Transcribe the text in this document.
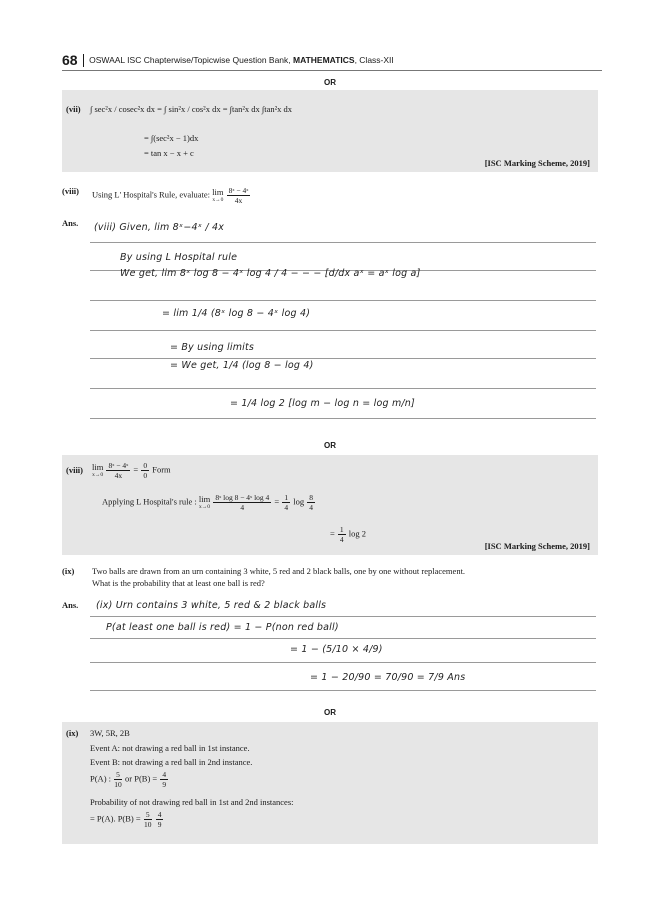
68 OSWAAL ISC Chapterwise/Topicwise Question Bank, MATHEMATICS, Class-XII
OR
(vii) ∫ sec²x / cosec²x dx = ∫ sin²x / cos²x dx = ∫tan²x dx ∫tan²x dx
= ∫(sec²x − 1)dx
= tan x − x + c
[ISC Marking Scheme, 2019]
(viii) Using L' Hospital's Rule, evaluate: lim
x→0
$\frac{\text{8ˣ − 4ˣ}}{4x}$
Ans. (viii) Given, lim 8ˣ−4ˣ / 4x
By using L Hospital rule
We get, lim 8ˣ log 8 − 4ˣ log 4 / 4 − − − [d/dx aˣ = aˣ log a]
= lim 1/4 (8ˣ log 8 − 4ˣ log 4)
= By using limits
= We get, 1/4 (log 8 − log 4)
= 1/4 log 2 [log m − log n = log m/n]
OR
(viii) lim
x→0
$\frac{\text{8ˣ − 4ˣ}}{4x} = \frac{0}{0}$ Form
Applying L Hospital's rule : lim
x→0
$\frac{\text{8ˣ log 8 − 4ˣ log 4}}{4} = \frac{1}{4}$ $\log \frac{8}{4}$
= $\frac{1}{4}$ log 2
[ISC Marking Scheme, 2019]
(ix) Two balls are drawn from an urn containing 3 white, 5 red and 2 black balls, one by one without replacement.
What is the probability that at least one ball is red?
Ans. (ix) Urn contains 3 white, 5 red & 2 black balls
P(at least one ball is red) = 1 − P(non red ball)
= 1 − (5/10 × 4/9)
= 1 − 20/90 = 70/90 = 7/9 Ans
OR
(ix) 3W, 5R, 2B
Event A: not drawing a red ball in 1st instance.
Event B: not drawing a red ball in 2nd instance.
P(A) : $\frac{5}{10}$ or $P(B) = \frac{4}{9}$
Probability of not drawing red ball in 1st and 2nd instances:
= P(A). $P(B) = \frac{5}{10}$
$\frac{4}{9}$
